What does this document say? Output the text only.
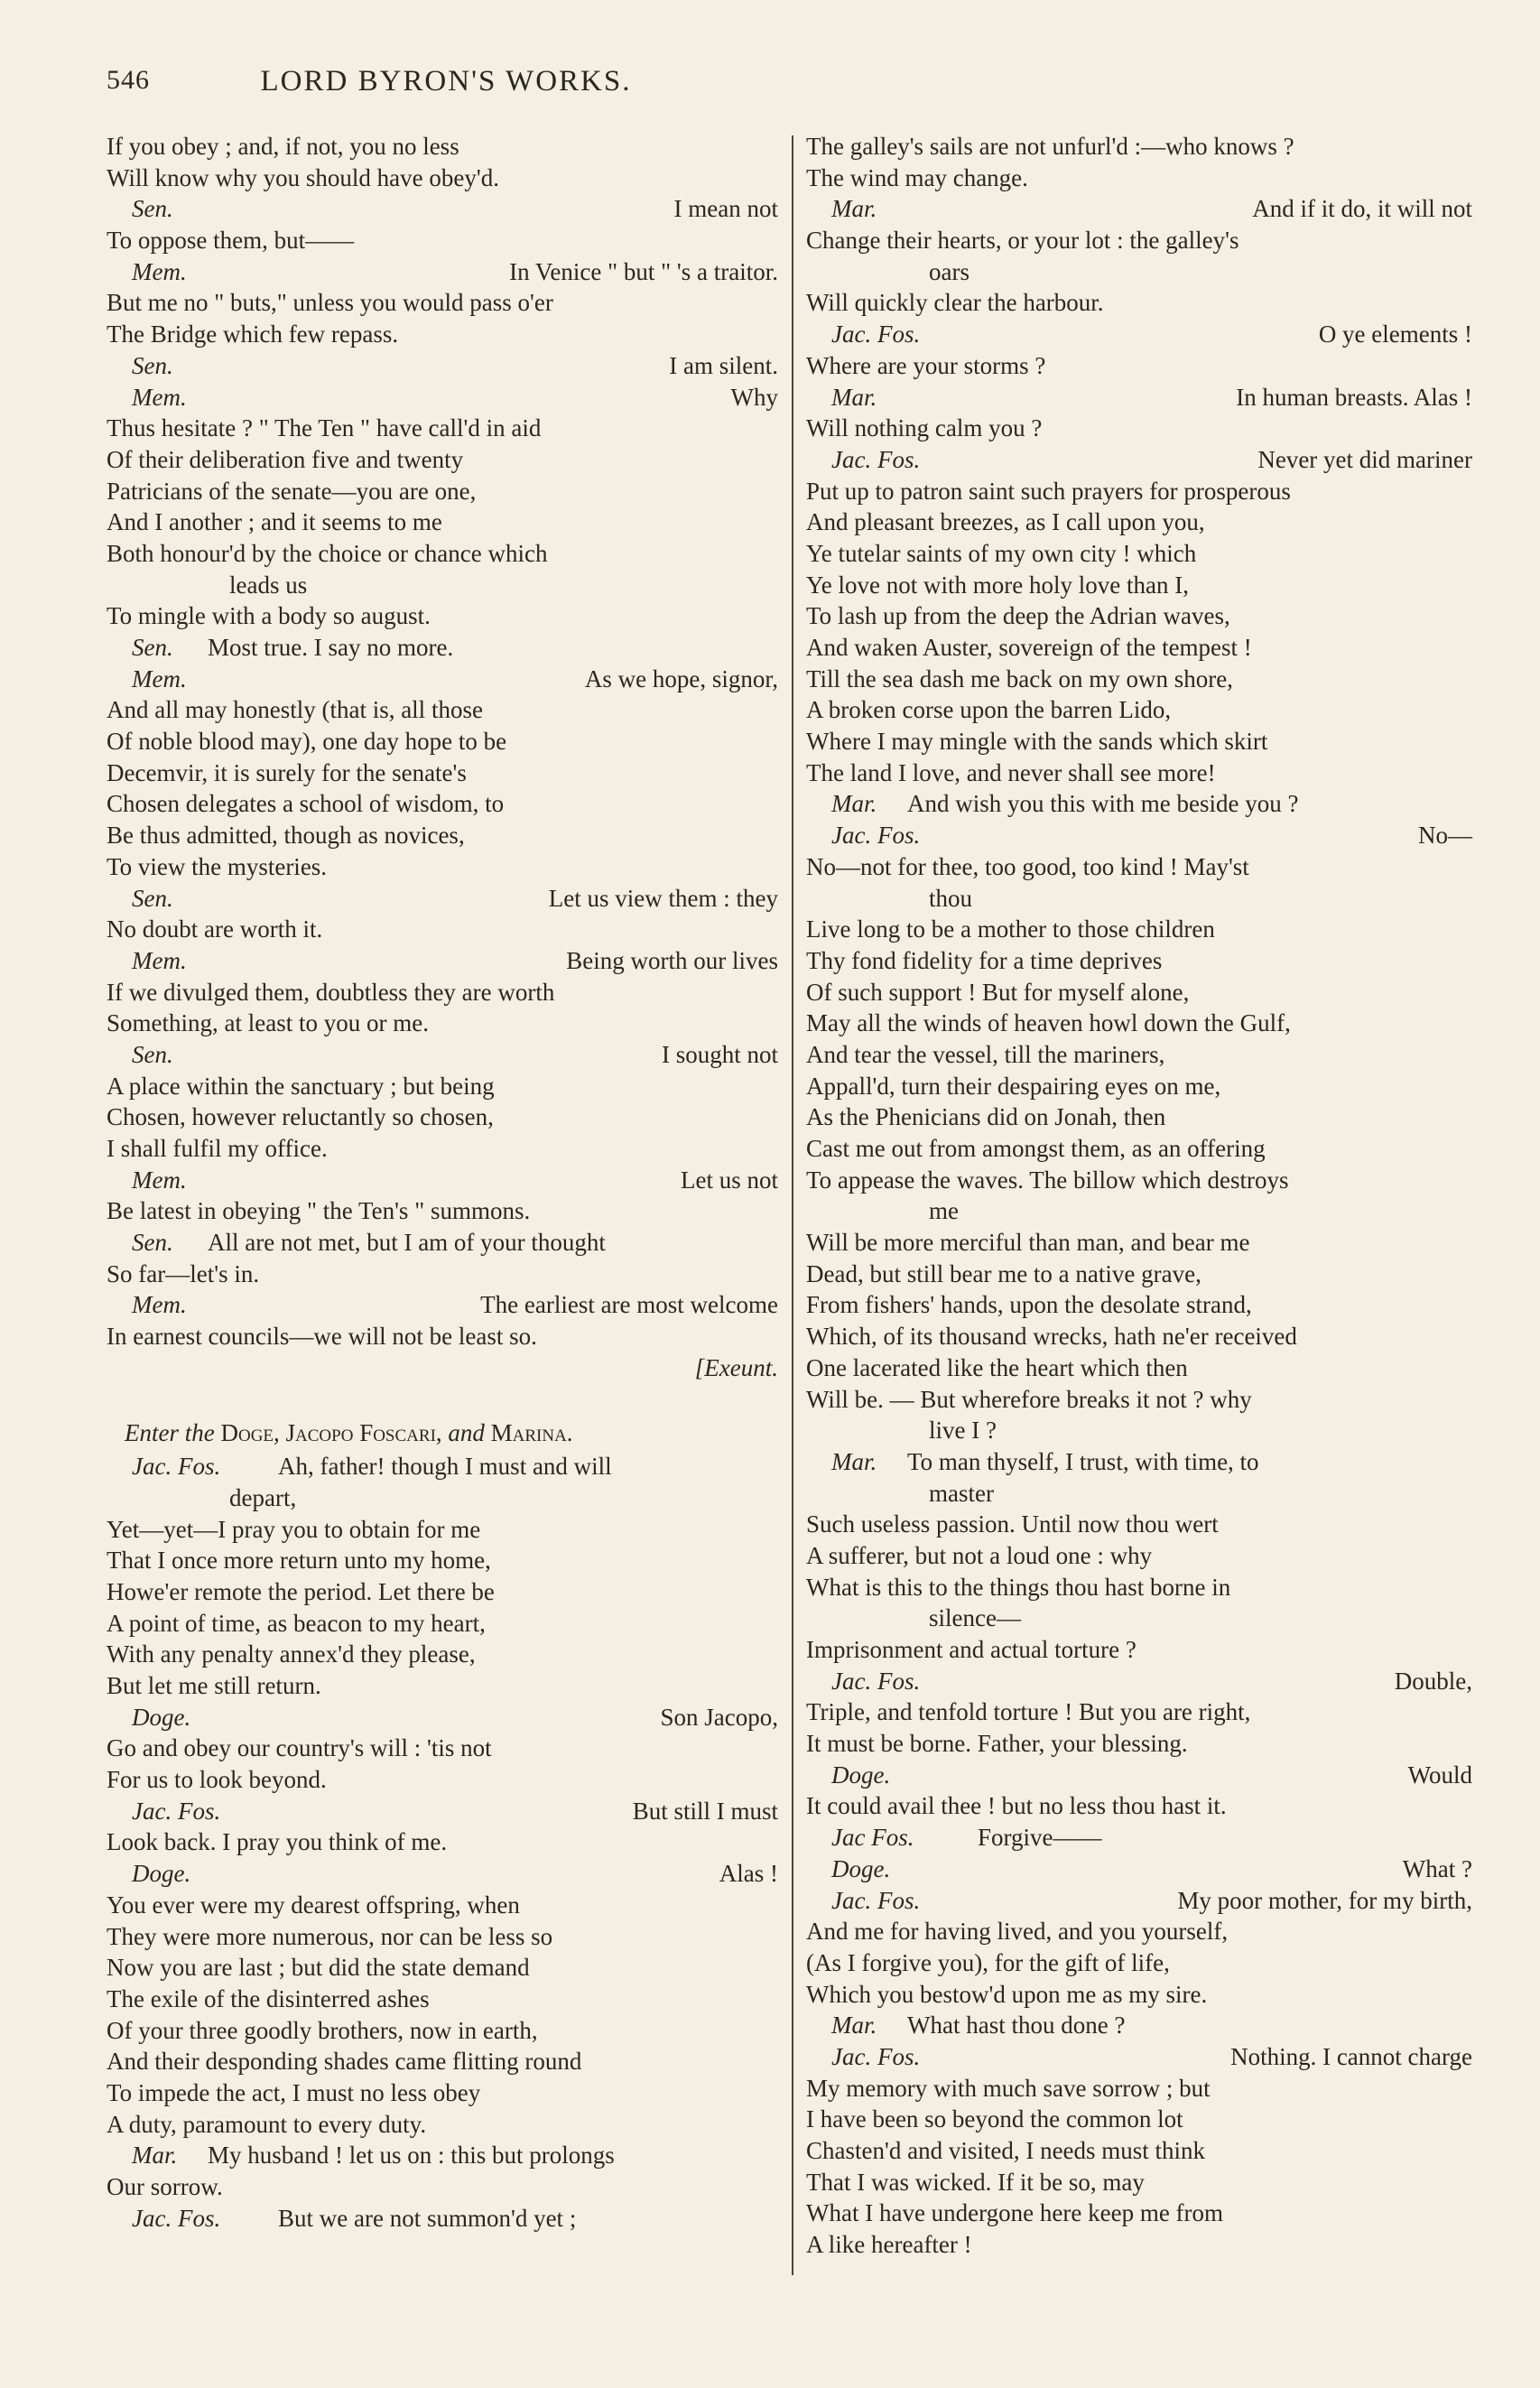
546	LORD BYRON'S WORKS.
If you obey ; and, if not, you no less
Will know why you should have obey'd.
Sen.	I mean not
To oppose them, but——
Mem.	In Venice " but " 's a traitor.
But me no " buts," unless you would pass o'er
The Bridge which few repass.
Sen.	I am silent.
Mem.	Why
Thus hesitate ? " The Ten " have call'd in aid
Of their deliberation five and twenty
Patricians of the senate—you are one,
And I another ; and it seems to me
Both honour'd by the choice or chance which
leads us
To mingle with a body so august.
Sen. Most true. I say no more.
Mem.	As we hope, signor,
And all may honestly (that is, all those
Of noble blood may), one day hope to be
Decemvir, it is surely for the senate's
Chosen delegates a school of wisdom, to
Be thus admitted, though as novices,
To view the mysteries.
Sen.	Let us view them : they
No doubt are worth it.
Mem.	Being worth our lives
If we divulged them, doubtless they are worth
Something, at least to you or me.
Sen.	I sought not
A place within the sanctuary ; but being
Chosen, however reluctantly so chosen,
I shall fulfil my office.
Mem.	Let us not
Be latest in obeying " the Ten's " summons.
Sen. All are not met, but I am of your thought
So far—let's in.
Mem.	The earliest are most welcome
In earnest councils—we will not be least so.
[Exeunt.
Enter the Doge, Jacopo Foscari, and Marina.
Jac. Fos. Ah, father! though I must and will
depart,
Yet—yet—I pray you to obtain for me
That I once more return unto my home,
Howe'er remote the period. Let there be
A point of time, as beacon to my heart,
With any penalty annex'd they please,
But let me still return.
Doge.	Son Jacopo,
Go and obey our country's will : 'tis not
For us to look beyond.
Jac. Fos.	But still I must
Look back. I pray you think of me.
Doge.	Alas !
You ever were my dearest offspring, when
They were more numerous, nor can be less so
Now you are last ; but did the state demand
The exile of the disinterred ashes
Of your three goodly brothers, now in earth,
And their desponding shades came flitting round
To impede the act, I must no less obey
A duty, paramount to every duty.
Mar. My husband ! let us on : this but prolongs
Our sorrow.
Jac. Fos. But we are not summon'd yet ;
The galley's sails are not unfurl'd :—who knows ?
The wind may change.
Mar.	And if it do, it will not
Change their hearts, or your lot : the galley's
oars
Will quickly clear the harbour.
Jac. Fos.	O ye elements !
Where are your storms ?
Mar.	In human breasts. Alas !
Will nothing calm you ?
Jac. Fos.	Never yet did mariner
Put up to patron saint such prayers for prosperous
And pleasant breezes, as I call upon you,
Ye tutelar saints of my own city ! which
Ye love not with more holy love than I,
To lash up from the deep the Adrian waves,
And waken Auster, sovereign of the tempest !
Till the sea dash me back on my own shore,
A broken corse upon the barren Lido,
Where I may mingle with the sands which skirt
The land I love, and never shall see more!
Mar. And wish you this with me beside you ?
Jac. Fos.	No—
No—not for thee, too good, too kind ! May'st
thou
Live long to be a mother to those children
Thy fond fidelity for a time deprives
Of such support ! But for myself alone,
May all the winds of heaven howl down the Gulf,
And tear the vessel, till the mariners,
Appall'd, turn their despairing eyes on me,
As the Phenicians did on Jonah, then
Cast me out from amongst them, as an offering
To appease the waves. The billow which destroys
me
Will be more merciful than man, and bear me
Dead, but still bear me to a native grave,
From fishers' hands, upon the desolate strand,
Which, of its thousand wrecks, hath ne'er received
One lacerated like the heart which then
Will be. — But wherefore breaks it not ? why
live I ?
Mar. To man thyself, I trust, with time, to
master
Such useless passion. Until now thou wert
A sufferer, but not a loud one : why
What is this to the things thou hast borne in
silence—
Imprisonment and actual torture ?
Jac. Fos.	Double,
Triple, and tenfold torture ! But you are right,
It must be borne. Father, your blessing.
Doge.	Would
It could avail thee ! but no less thou hast it.
Jac Fos.	Forgive——
Doge.	What ?
Jac. Fos.	My poor mother, for my birth,
And me for having lived, and you yourself,
(As I forgive you), for the gift of life,
Which you bestow'd upon me as my sire.
Mar. What hast thou done ?
Jac. Fos.	Nothing. I cannot charge
My memory with much save sorrow ; but
I have been so beyond the common lot
Chasten'd and visited, I needs must think
That I was wicked. If it be so, may
What I have undergone here keep me from
A like hereafter !
